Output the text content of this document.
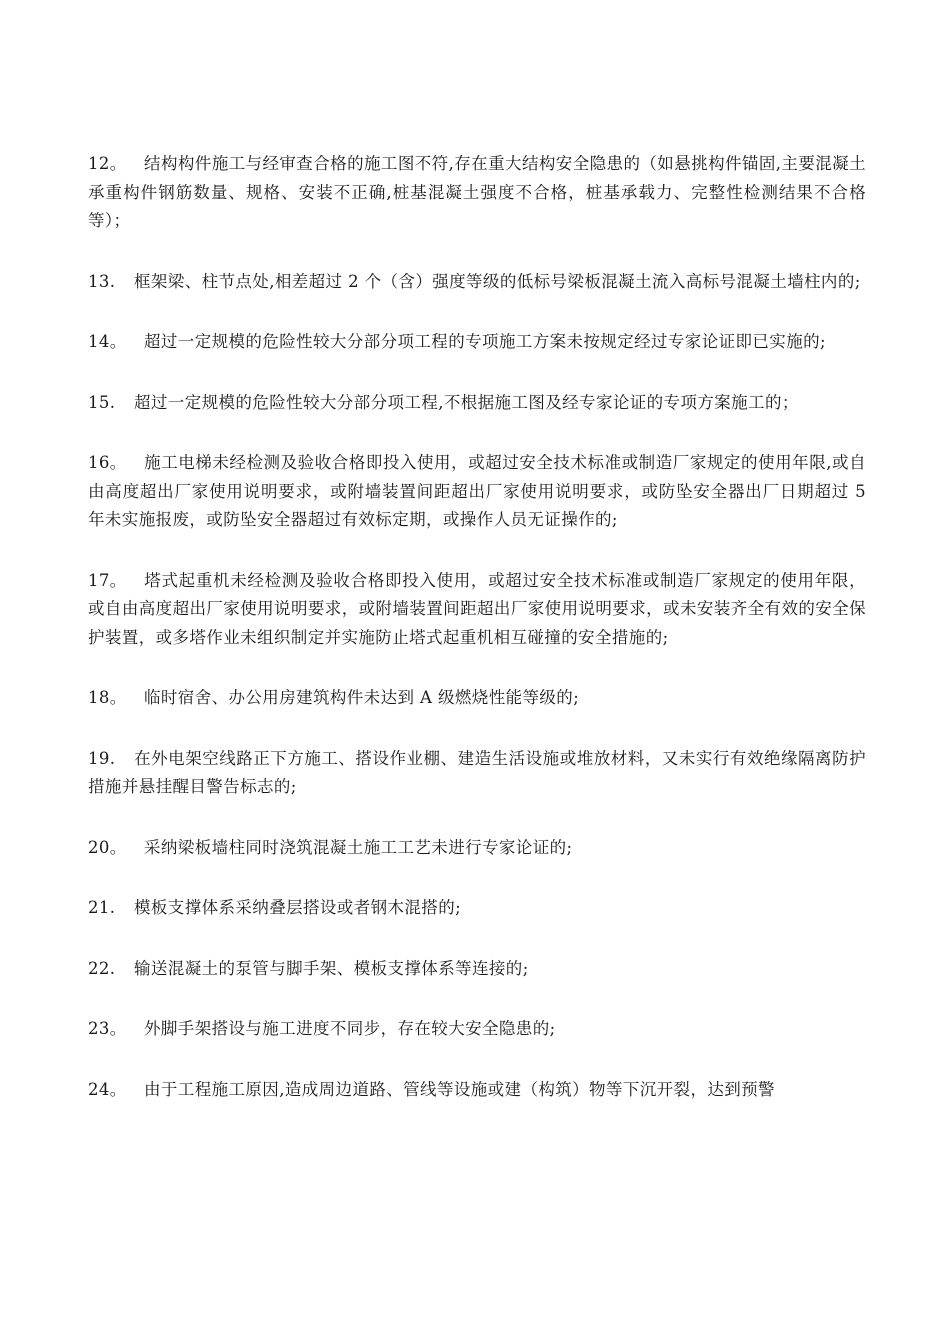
12。 结构构件施工与经审查合格的施工图不符,存在重大结构安全隐患的（如悬挑构件锚固,主要混凝土承重构件钢筋数量、规格、安装不正确,桩基混凝土强度不合格，桩基承载力、完整性检测结果不合格等）；

13. 框架梁、柱节点处,相差超过 2 个（含）强度等级的低标号梁板混凝土流入高标号混凝土墙柱内的;

14。 超过一定规模的危险性较大分部分项工程的专项施工方案未按规定经过专家论证即已实施的;

15. 超过一定规模的危险性较大分部分项工程,不根据施工图及经专家论证的专项方案施工的；

16。 施工电梯未经检测及验收合格即投入使用，或超过安全技术标准或制造厂家规定的使用年限,或自由高度超出厂家使用说明要求，或附墙装置间距超出厂家使用说明要求，或防坠安全器出厂日期超过 5 年未实施报废，或防坠安全器超过有效标定期，或操作人员无证操作的;

17。 塔式起重机未经检测及验收合格即投入使用，或超过安全技术标准或制造厂家规定的使用年限，或自由高度超出厂家使用说明要求，或附墙装置间距超出厂家使用说明要求，或未安装齐全有效的安全保护装置，或多塔作业未组织制定并实施防止塔式起重机相互碰撞的安全措施的;

18。 临时宿舍、办公用房建筑构件未达到 A 级燃烧性能等级的;

19. 在外电架空线路正下方施工、搭设作业棚、建造生活设施或堆放材料，又未实行有效绝缘隔离防护措施并悬挂醒目警告标志的;

20。 采纳梁板墙柱同时浇筑混凝土施工工艺未进行专家论证的;

21. 模板支撑体系采纳叠层搭设或者钢木混搭的;

22. 输送混凝土的泵管与脚手架、模板支撑体系等连接的;

23。 外脚手架搭设与施工进度不同步，存在较大安全隐患的;

24。 由于工程施工原因,造成周边道路、管线等设施或建（构筑）物等下沉开裂，达到预警
